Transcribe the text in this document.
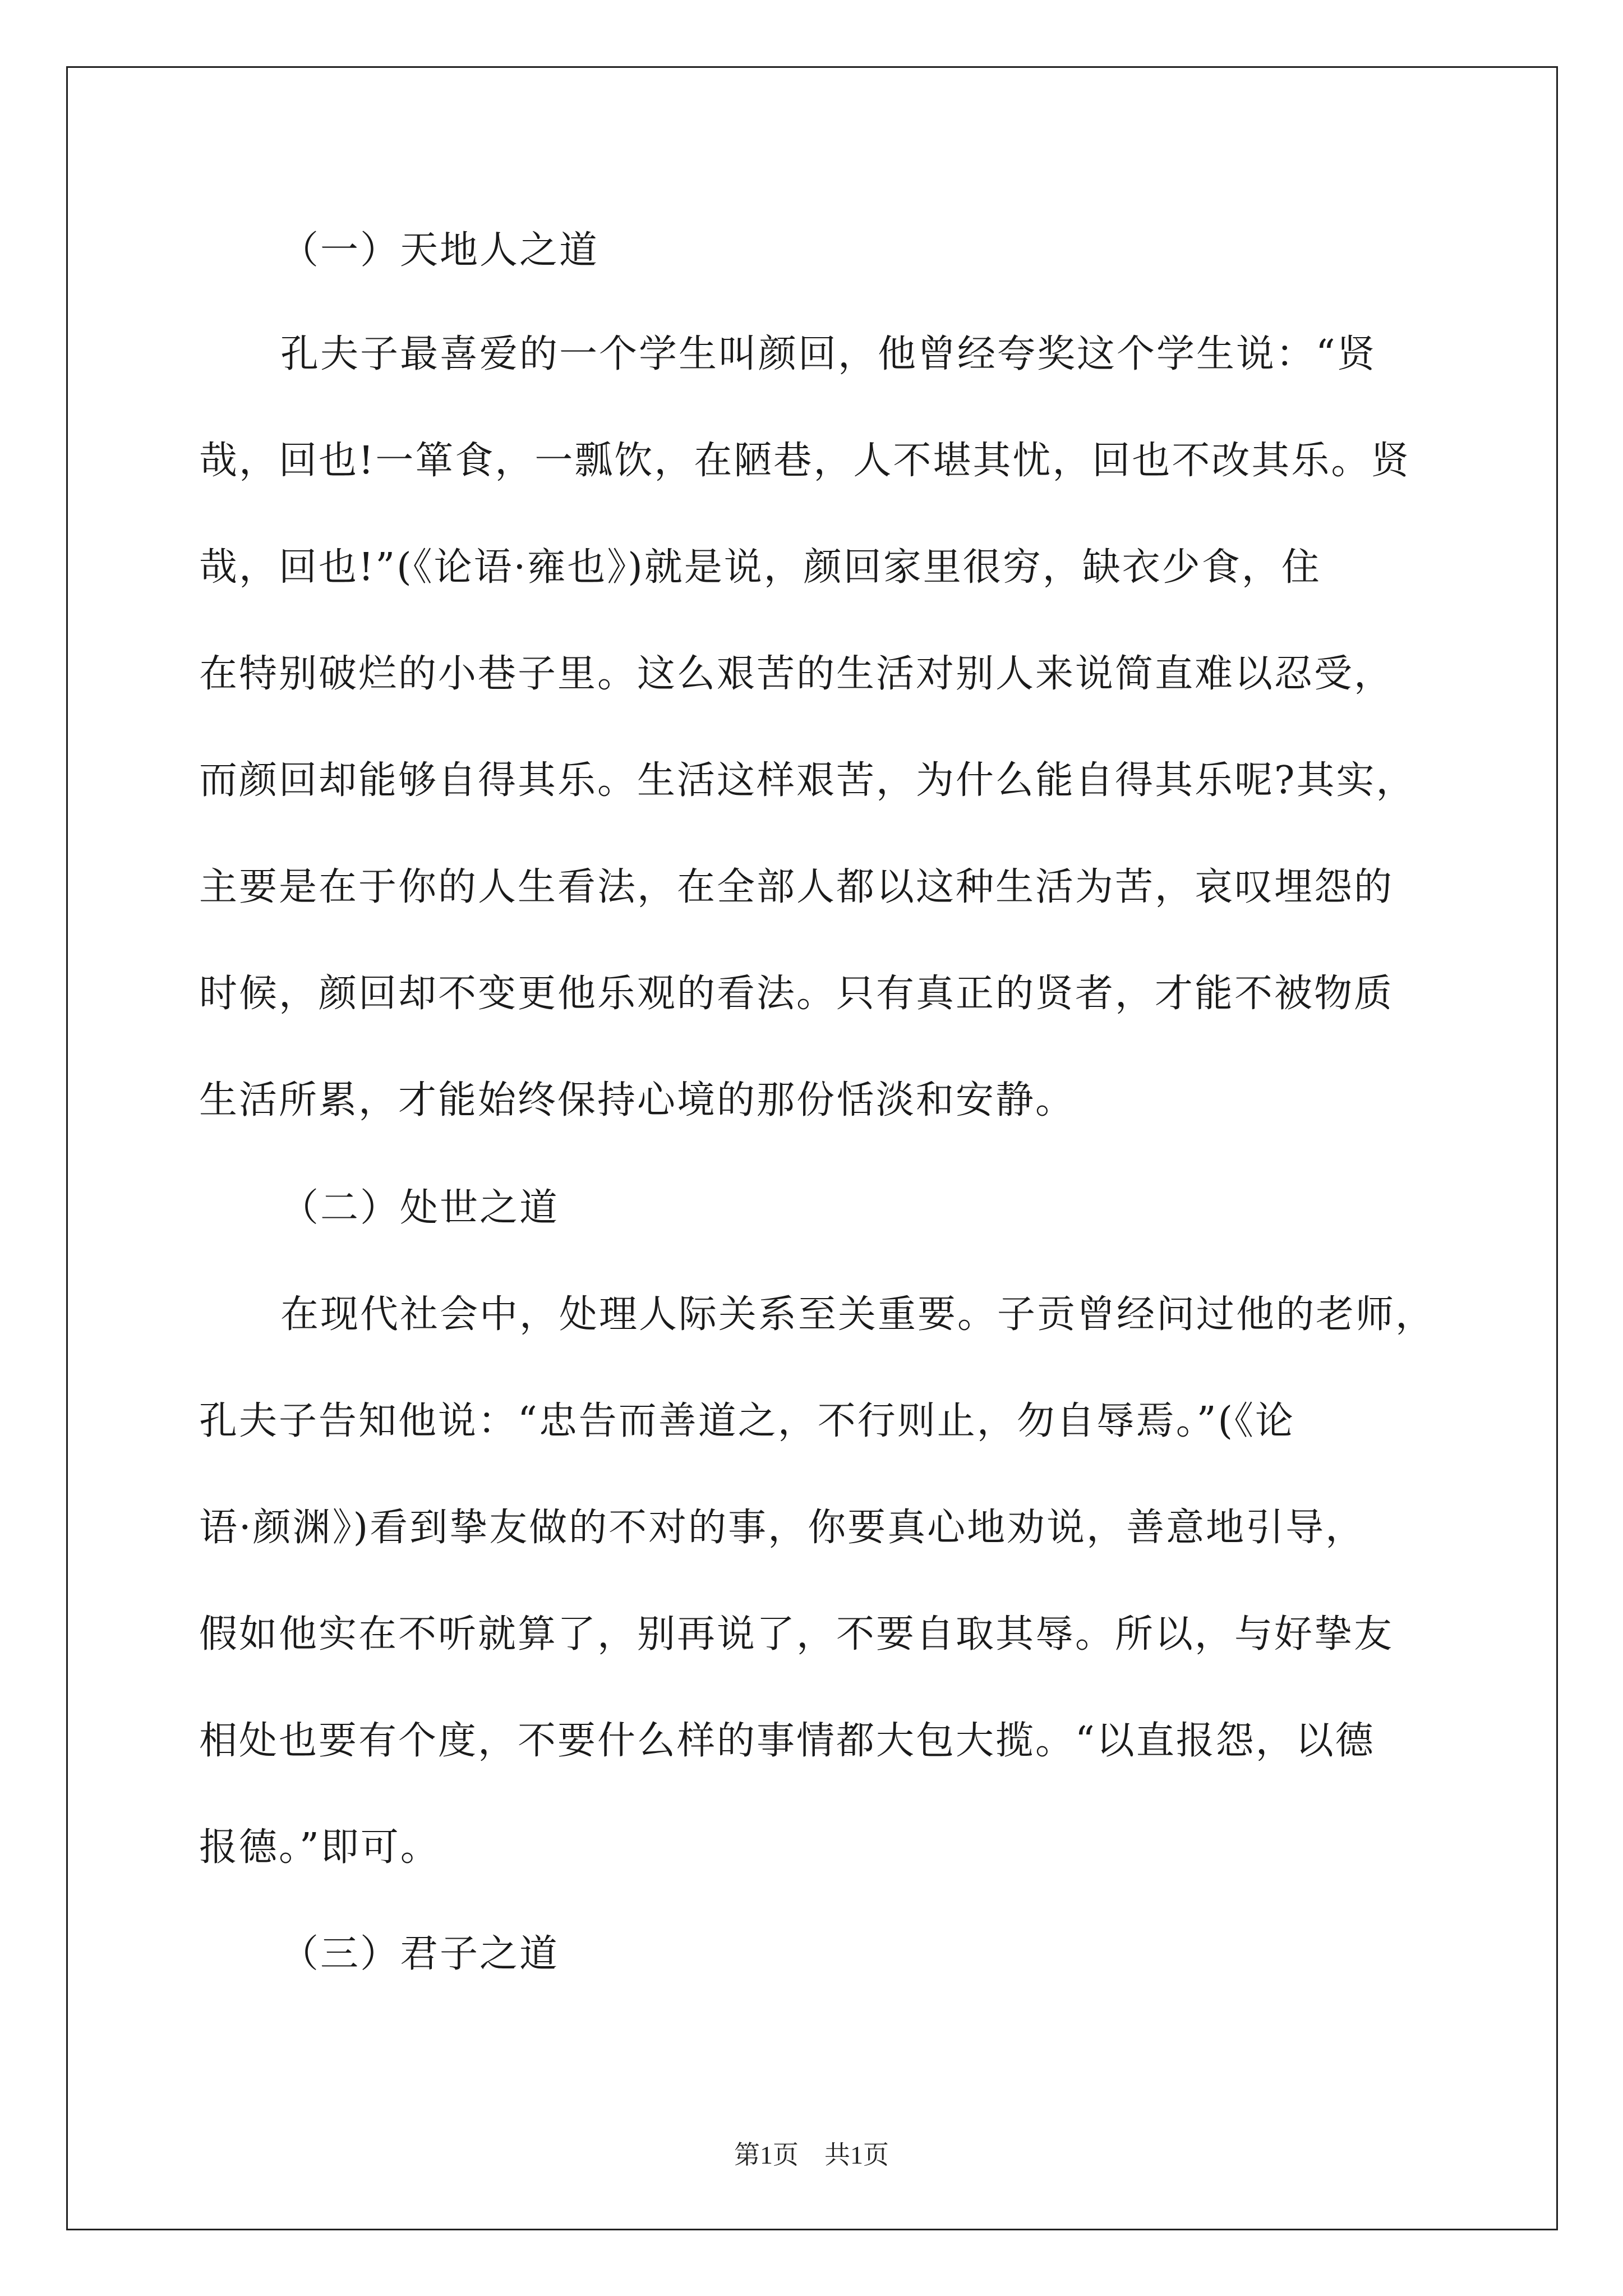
（一）天地人之道
孔夫子最喜爱的一个学生叫颜回，他曾经夸奖这个学生说：“贤
哉，回也!一箪食，一瓢饮，在陋巷，人不堪其忧，回也不改其乐。贤
哉，回也!”(《论语·雍也》)就是说，颜回家里很穷，缺衣少食，住
在特别破烂的小巷子里。这么艰苦的生活对别人来说简直难以忍受，
而颜回却能够自得其乐。生活这样艰苦，为什么能自得其乐呢?其实，
主要是在于你的人生看法，在全部人都以这种生活为苦，哀叹埋怨的
时候，颜回却不变更他乐观的看法。只有真正的贤者，才能不被物质
生活所累，才能始终保持心境的那份恬淡和安静。
（二）处世之道
在现代社会中，处理人际关系至关重要。子贡曾经问过他的老师，
孔夫子告知他说：“忠告而善道之，不行则止，勿自辱焉。”(《论
语·颜渊》)看到挚友做的不对的事，你要真心地劝说，善意地引导，
假如他实在不听就算了，别再说了，不要自取其辱。所以，与好挚友
相处也要有个度，不要什么样的事情都大包大揽。“以直报怨，以德
报德。”即可。
（三）君子之道
第1页　共1页
